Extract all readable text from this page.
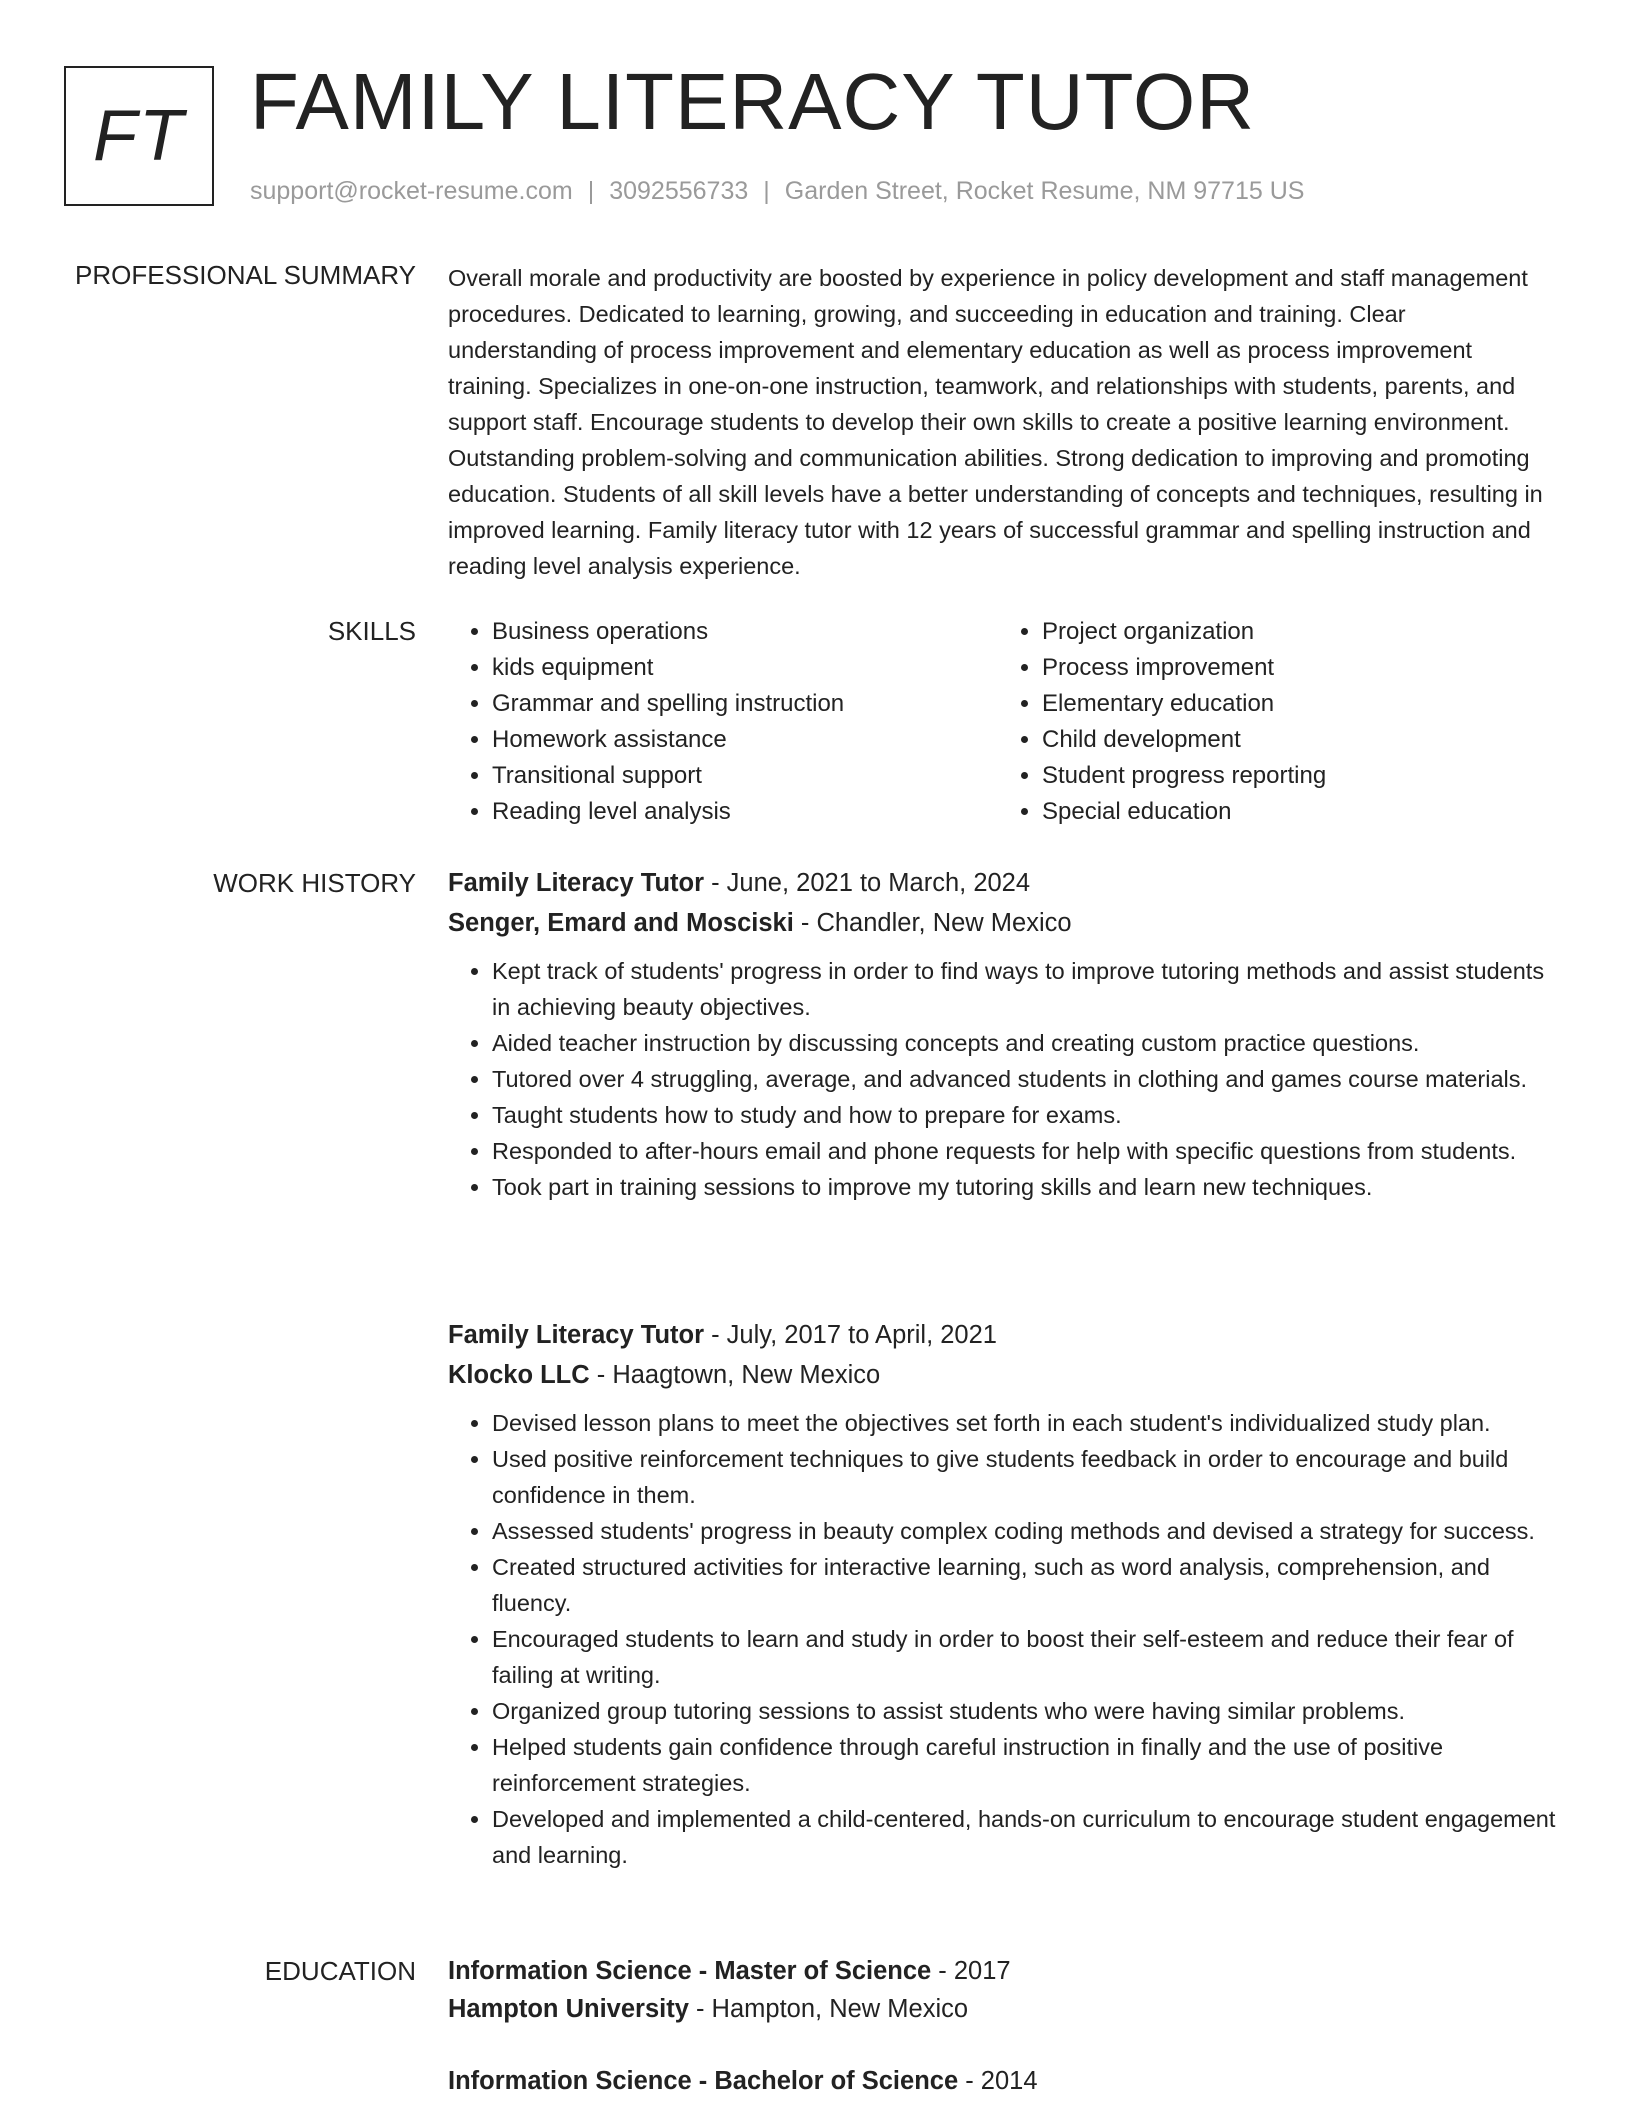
FT FAMILY LITERACY TUTOR
support@rocket-resume.com | 3092556733 | Garden Street, Rocket Resume, NM 97715 US
PROFESSIONAL SUMMARY Overall morale and productivity are boosted by experience in policy development and staff management procedures. Dedicated to learning, growing, and succeeding in education and training. Clear understanding of process improvement and elementary education as well as process improvement training. Specializes in one-on-one instruction, teamwork, and relationships with students, parents, and support staff. Encourage students to develop their own skills to create a positive learning environment. Outstanding problem-solving and communication abilities. Strong dedication to improving and promoting education. Students of all skill levels have a better understanding of concepts and techniques, resulting in improved learning. Family literacy tutor with 12 years of successful grammar and spelling instruction and reading level analysis experience.

SKILLS
•	Business operations
• kids equipment
• Grammar and spelling instruction
• Homework assistance
• Transitional support
• Reading level analysis
• Project organization
• Process improvement
• Elementary education
• Child development
• Student progress reporting
• Special education
WORK HISTORY Family Literacy Tutor - June, 2021 to March, 2024
Senger, Emard and Mosciski - Chandler, New Mexico
• Kept track of students' progress in order to find ways to improve tutoring methods and assist students in achieving beauty objectives.
• Aided teacher instruction by discussing concepts and creating custom practice questions.
• Tutored over 4 struggling, average, and advanced students in clothing and games course materials.
• Taught students how to study and how to prepare for exams.
• Responded to after-hours email and phone requests for help with specific questions from students.
• Took part in training sessions to improve my tutoring skills and learn new techniques.
Family Literacy Tutor - July, 2017 to April, 2021
Klocko LLC - Haagtown, New Mexico
• Devised lesson plans to meet the objectives set forth in each student's individualized study plan.
• Used positive reinforcement techniques to give students feedback in order to encourage and build confidence in them.
• Assessed students' progress in beauty complex coding methods and devised a strategy for success.
• Created structured activities for interactive learning, such as word analysis, comprehension, and fluency.
• Encouraged students to learn and study in order to boost their self-esteem and reduce their fear of failing at writing.
• Organized group tutoring sessions to assist students who were having similar problems.
• Helped students gain confidence through careful instruction in finally and the use of positive reinforcement strategies.
• Developed and implemented a child-centered, hands-on curriculum to encourage student engagement and learning.
EDUCATION Information Science - Master of Science - 2017
Hampton University - Hampton, New Mexico
Information Science - Bachelor of Science - 2014
